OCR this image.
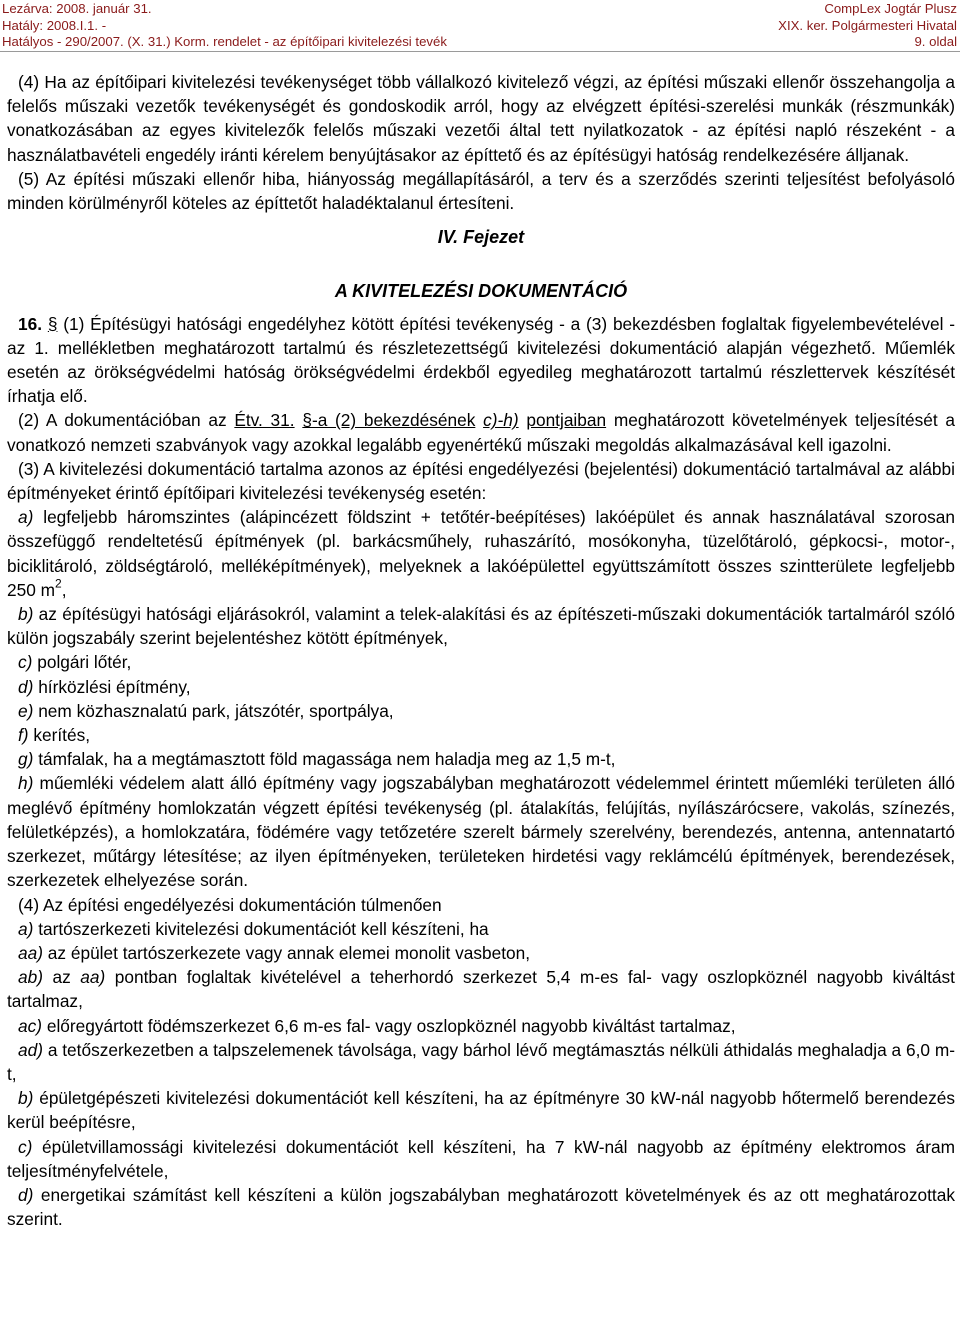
Lezárva: 2008. január 31.
Hatály: 2008.I.1. -
Hatályos - 290/2007. (X. 31.) Korm. rendelet - az építőipari kivitelezési tevék
CompLex Jogtár Plusz
XIX. ker. Polgármesteri Hivatal
9. oldal

(4) Ha az építőipari kivitelezési tevékenységet több vállalkozó kivitelező végzi, az építési műszaki ellenőr összehangolja a felelős műszaki vezetők tevékenységét és gondoskodik arról, hogy az elvégzett építési-szerelési munkák (részmunkák) vonatkozásában az egyes kivitelezők felelős műszaki vezetői által tett nyilatkozatok - az építési napló részeként - a használatbavételi engedély iránti kérelem benyújtásakor az építtető és az építésügyi hatóság rendelkezésére álljanak.

(5) Az építési műszaki ellenőr hiba, hiányosság megállapításáról, a terv és a szerződés szerinti teljesítést befolyásoló minden körülményről köteles az építtetőt haladéktalanul értesíteni.

IV. Fejezet

A KIVITELEZÉSI DOKUMENTÁCIÓ

16. § (1) Építésügyi hatósági engedélyhez kötött építési tevékenység - a (3) bekezdésben foglaltak figyelembevételével - az 1. mellékletben meghatározott tartalmú és részletezettségű kivitelezési dokumentáció alapján végezhető. Műemlék esetén az örökségvédelmi hatóság örökségvédelmi érdekből egyedileg meghatározott tartalmú részlettervek készítését írhatja elő.

(2) A dokumentációban az Étv. 31. §-a (2) bekezdésének c)-h) pontjaiban meghatározott követelmények teljesítését a vonatkozó nemzeti szabványok vagy azokkal legalább egyenértékű műszaki megoldás alkalmazásával kell igazolni.

(3) A kivitelezési dokumentáció tartalma azonos az építési engedélyezési (bejelentési) dokumentáció tartalmával az alábbi építményeket érintő építőipari kivitelezési tevékenység esetén:

a) legfeljebb háromszintes (alápincézett földszint + tetőtér-beépítéses) lakóépület és annak használatával szorosan összefüggő rendeltetésű építmények (pl. barkácsműhely, ruhaszárító, mosókonyha, tüzelőtároló, gépkocsi-, motor-, biciklitároló, zöldségtároló, melléképítmények), melyeknek a lakóépülettel együttszámított összes szintterülete legfeljebb 250 $m^2$,

b) az építésügyi hatósági eljárásokról, valamint a telek-alakítási és az építészeti-műszaki dokumentációk tartalmáról szóló külön jogszabály szerint bejelentéshez kötött építmények,

c) polgári lőtér,

d) hírközlési építmény,

e) nem közhasznalatú park, játszótér, sportpálya,

f) kerítés,

g) támfalak, ha a megtámasztott föld magassága nem haladja meg az 1,5 m-t,

h) műemléki védelem alatt álló építmény vagy jogszabályban meghatározott védelemmel érintett műemléki területen álló meglévő építmény homlokzatán végzett építési tevékenység (pl. átalakítás, felújítás, nyílászárócsere, vakolás, színezés, felületképzés), a homlokzatára, födémére vagy tetőzetére szerelt bármely szerelvény, berendezés, antenna, antennatartó szerkezet, műtárgy létesítése; az ilyen építményeken, területeken hirdetési vagy reklámcélú építmények, berendezések, szerkezetek elhelyezése során.

(4) Az építési engedélyezési dokumentáción túlmenően

a) tartószerkezeti kivitelezési dokumentációt kell készíteni, ha

aa) az épület tartószerkezete vagy annak elemei monolit vasbeton,

ab) az aa) pontban foglaltak kivételével a teherhordó szerkezet 5,4 m-es fal- vagy oszlopköznél nagyobb kiváltást tartalmaz,

ac) előregyártott födémszerkezet 6,6 m-es fal- vagy oszlopköznél nagyobb kiváltást tartalmaz,

ad) a tetőszerkezetben a talpszelemenek távolsága, vagy bárhol lévő megtámasztás nélküli áthidalás meghaladja a 6,0 m-t,

b) épületgépészeti kivitelezési dokumentációt kell készíteni, ha az építményre 30 kW-nál nagyobb hőtermelő berendezés kerül beépítésre,

c) épületvillamossági kivitelezési dokumentációt kell készíteni, ha 7 kW-nál nagyobb az építmény elektromos áram teljesítményfelvétele,

d) energetikai számítást kell készíteni a külön jogszabályban meghatározott követelmények és az ott meghatározottak szerint.
